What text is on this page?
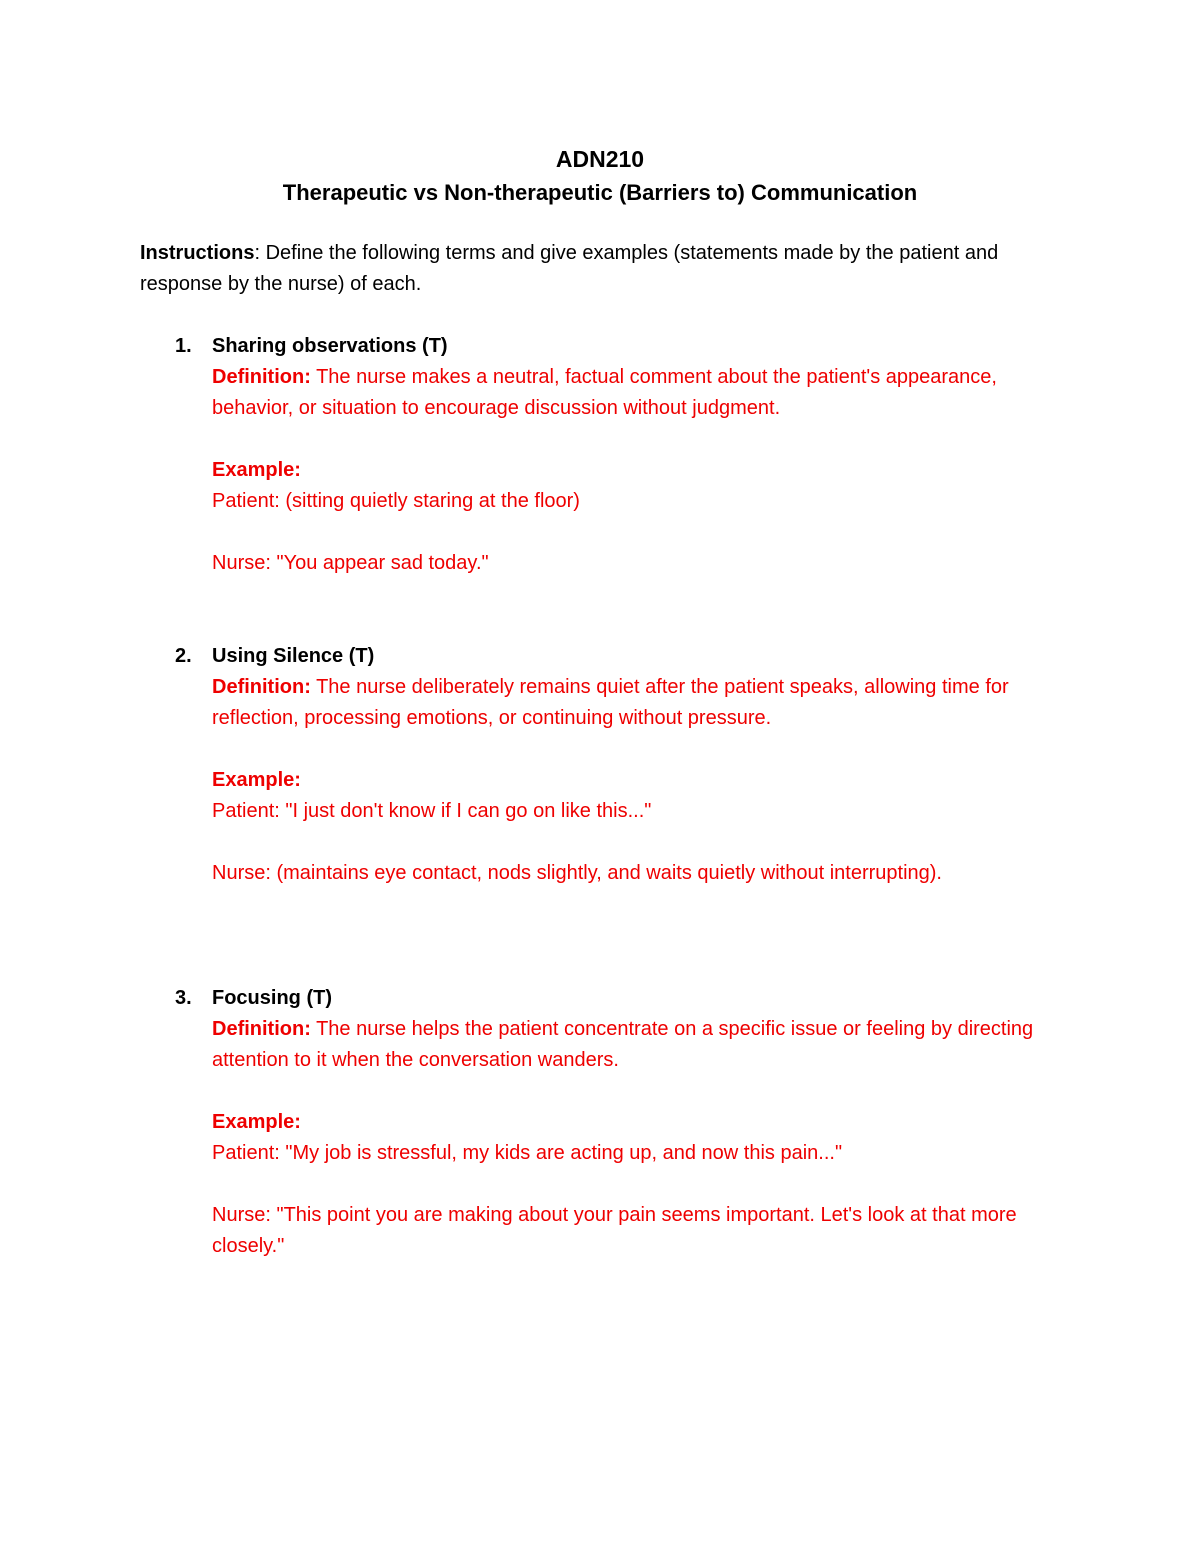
ADN210
Therapeutic vs Non-therapeutic (Barriers to) Communication
Instructions: Define the following terms and give examples (statements made by the patient and response by the nurse) of each.
1. Sharing observations (T)
Definition: The nurse makes a neutral, factual comment about the patient's appearance, behavior, or situation to encourage discussion without judgment.
Example:
Patient: (sitting quietly staring at the floor)
Nurse: "You appear sad today."
2. Using Silence (T)
Definition: The nurse deliberately remains quiet after the patient speaks, allowing time for reflection, processing emotions, or continuing without pressure.
Example:
Patient: "I just don't know if I can go on like this..."
Nurse: (maintains eye contact, nods slightly, and waits quietly without interrupting).
3. Focusing (T)
Definition: The nurse helps the patient concentrate on a specific issue or feeling by directing attention to it when the conversation wanders.
Example:
Patient: "My job is stressful, my kids are acting up, and now this pain..."
Nurse: "This point you are making about your pain seems important. Let's look at that more closely."
